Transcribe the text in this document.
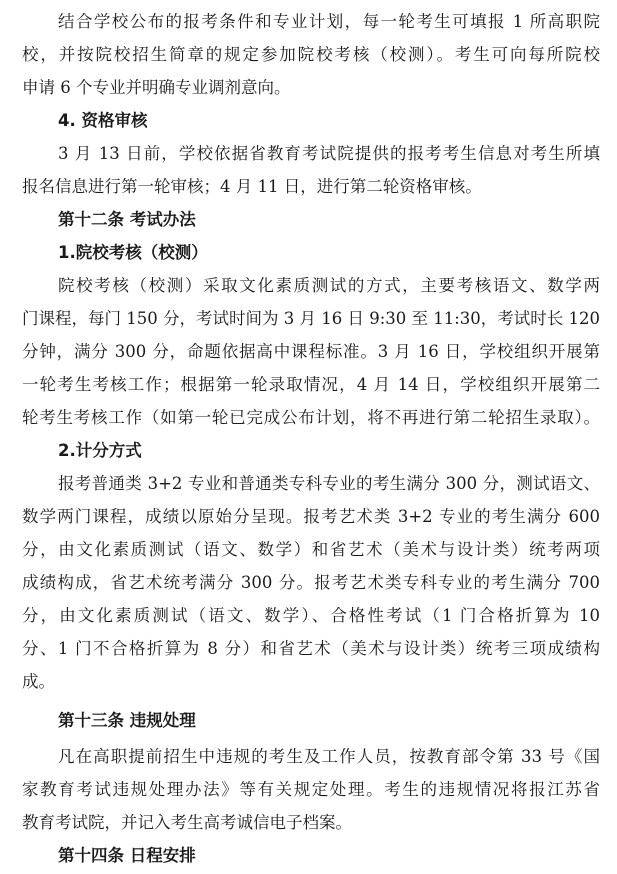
结合学校公布的报考条件和专业计划，每一轮考生可填报 1 所高职院
校，并按院校招生简章的规定参加院校考核（校测）。考生可向每所院校
申请 6 个专业并明确专业调剂意向。
4. 资格审核
3 月 13 日前，学校依据省教育考试院提供的报考考生信息对考生所填
报名信息进行第一轮审核；4 月 11 日，进行第二轮资格审核。
第十二条 考试办法
1.院校考核（校测）
院校考核（校测）采取文化素质测试的方式，主要考核语文、数学两
门课程，每门 150 分，考试时间为 3 月 16 日 9:30 至 11:30，考试时长 120
分钟，满分 300 分，命题依据高中课程标准。3 月 16 日，学校组织开展第
一轮考生考核工作；根据第一轮录取情况，4 月 14 日，学校组织开展第二
轮考生考核工作（如第一轮已完成公布计划，将不再进行第二轮招生录取）。
2.计分方式
报考普通类 3+2 专业和普通类专科专业的考生满分 300 分，测试语文、
数学两门课程，成绩以原始分呈现。报考艺术类 3+2 专业的考生满分 600
分，由文化素质测试（语文、数学）和省艺术（美术与设计类）统考两项
成绩构成，省艺术统考满分 300 分。报考艺术类专科专业的考生满分 700
分，由文化素质测试（语文、数学）、合格性考试（1 门合格折算为 10
分、1 门不合格折算为 8 分）和省艺术（美术与设计类）统考三项成绩构
成。
第十三条 违规处理
凡在高职提前招生中违规的考生及工作人员，按教育部令第 33 号《国
家教育考试违规处理办法》等有关规定处理。考生的违规情况将报江苏省
教育考试院，并记入考生高考诚信电子档案。
第十四条 日程安排
